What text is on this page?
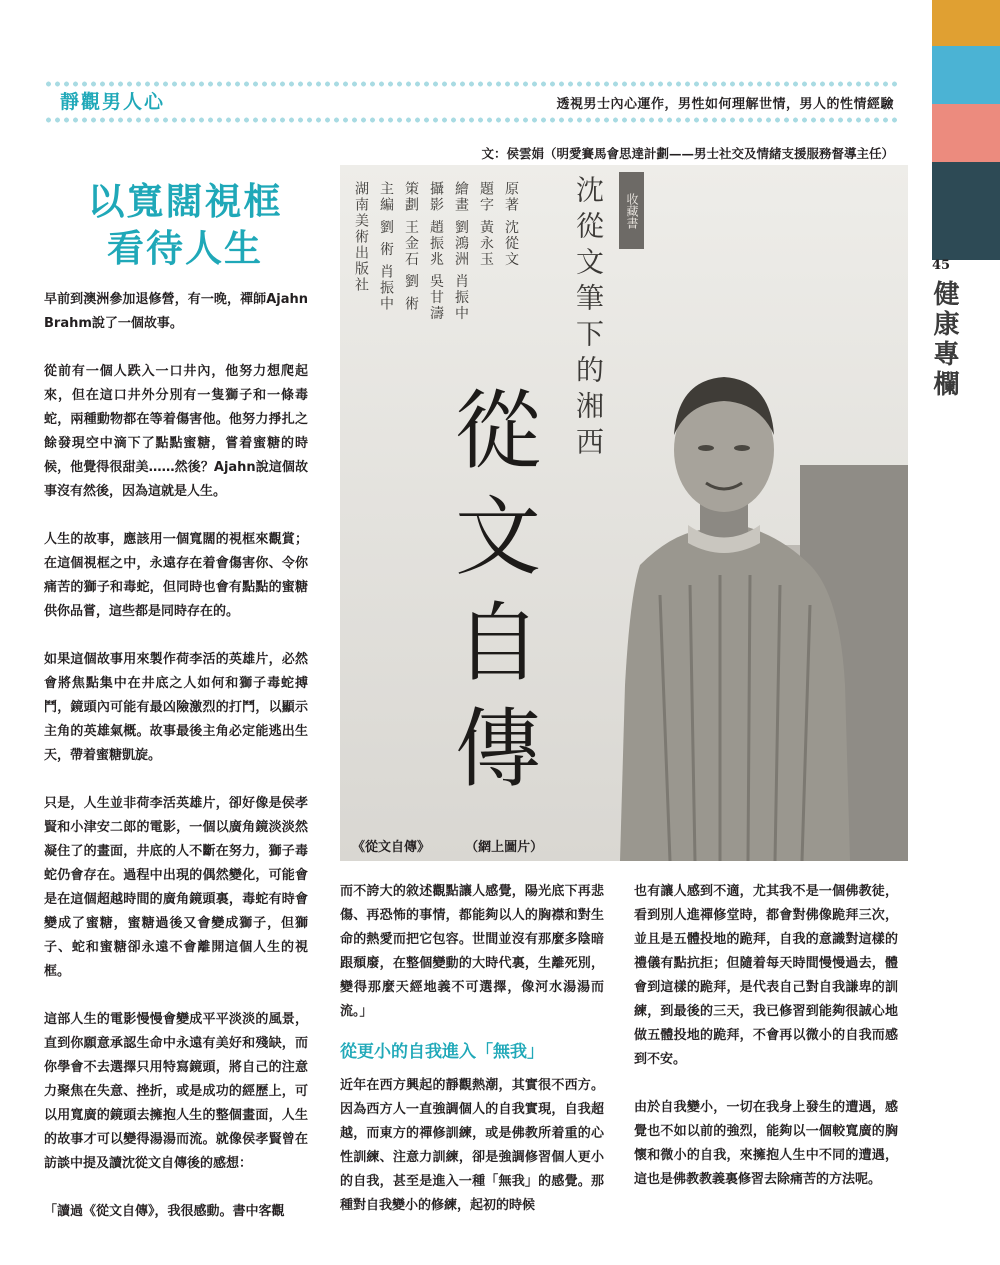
靜觀男人心	透視男士內心運作，男性如何理解世情，男人的性情經驗
文：侯雲娟（明愛賽馬會思達計劃——男士社交及情緒支援服務督導主任）
以寬闊視框
看待人生

早前到澳洲參加退修營，有一晚，禪師Ajahn Brahm說了一個故事。

從前有一個人跌入一口井內，他努力想爬起來，但在這口井外分別有一隻獅子和一條毒蛇，兩種動物都在等着傷害他。他努力掙扎之餘發現空中滴下了點點蜜糖，嘗着蜜糖的時候，他覺得很甜美……然後？Ajahn說這個故事沒有然後，因為這就是人生。

人生的故事，應該用一個寬闊的視框來觀賞；在這個視框之中，永遠存在着會傷害你、令你痛苦的獅子和毒蛇，但同時也會有點點的蜜糖供你品嘗，這些都是同時存在的。

如果這個故事用來製作荷李活的英雄片，必然會將焦點集中在井底之人如何和獅子毒蛇搏鬥，鏡頭內可能有最凶險激烈的打鬥，以顯示主角的英雄氣概。故事最後主角必定能逃出生天，帶着蜜糖凱旋。

只是，人生並非荷李活英雄片，卻好像是侯孝賢和小津安二郎的電影，一個以廣角鏡淡淡然凝住了的畫面，井底的人不斷在努力，獅子毒蛇仍會存在。過程中出現的偶然變化，可能會是在這個超越時間的廣角鏡頭裏，毒蛇有時會變成了蜜糖，蜜糖過後又會變成獅子，但獅子、蛇和蜜糖卻永遠不會離開這個人生的視框。

這部人生的電影慢慢會變成平平淡淡的風景，直到你願意承認生命中永遠有美好和殘缺，而你學會不去選擇只用特寫鏡頭，將自己的注意力聚焦在失意、挫折，或是成功的經歷上，可以用寬廣的鏡頭去擁抱人生的整個畫面，人生的故事才可以變得湯湯而流。就像侯孝賢曾在訪談中提及讀沈從文自傳後的感想：

「讀過《從文自傳》，我很感動。書中客觀

收藏書
沈從文筆下的湘西
原著 沈從文
題字 黃永玉
繪畫 劉鴻洲 肖振中
攝影 趙振兆 吳甘濤
策劃 王金石 劉 術
主編 劉 術 肖振中
湖南美術出版社
從文自傳
《從文自傳》	（網上圖片）

而不誇大的敘述觀點讓人感覺，陽光底下再悲傷、再恐怖的事情，都能夠以人的胸襟和對生命的熱愛而把它包容。世間並沒有那麼多陰暗跟頹廢，在整個變動的大時代裏，生離死別，變得那麼天經地義不可選擇，像河水湯湯而流。」

從更小的自我進入「無我」

近年在西方興起的靜觀熱潮，其實很不西方。因為西方人一直強調個人的自我實現，自我超越，而東方的禪修訓練，或是佛教所着重的心性訓練、注意力訓練，卻是強調修習個人更小的自我，甚至是進入一種「無我」的感覺。那種對自我變小的修練，起初的時候

也有讓人感到不適，尤其我不是一個佛教徒，看到別人進禪修堂時，都會對佛像跪拜三次，並且是五體投地的跪拜，自我的意識對這樣的禮儀有點抗拒；但隨着每天時間慢慢過去，體會到這樣的跪拜，是代表自己對自我謙卑的訓練，到最後的三天，我已修習到能夠很誠心地做五體投地的跪拜，不會再以微小的自我而感到不安。

由於自我變小，一切在我身上發生的遭遇，感覺也不如以前的強烈，能夠以一個較寬廣的胸懷和微小的自我，來擁抱人生中不同的遭遇，這也是佛教教義裏修習去除痛苦的方法呢。

45
健康專欄
